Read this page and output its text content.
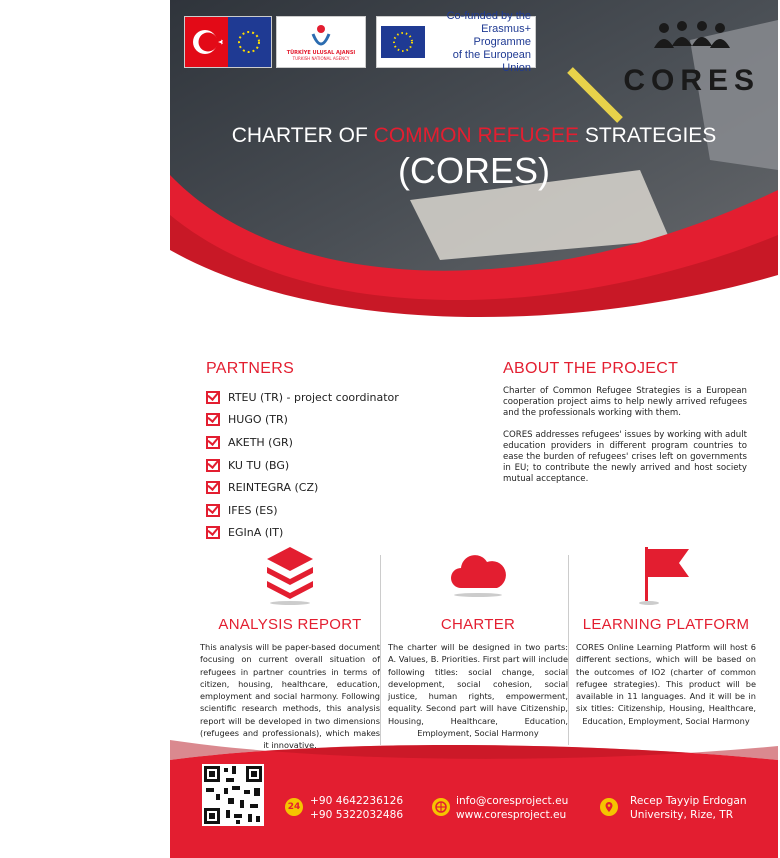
TÜRKİYE ULUSAL AJANSI
TURKISH NATIONAL AGENCY
Co-funded by the
Erasmus+ Programme
of the European Union	CORES
CHARTER OF COMMON REFUGEE STRATEGIES
(CORES)
PARTNERS
RTEU (TR) - project coordinator
HUGO (TR)
AKETH (GR)
KU TU (BG)
REINTEGRA (CZ)
IFES (ES)
EGInA (IT)
ABOUT THE PROJECT

Charter of Common Refugee Strategies is a European cooperation project aims to help newly arrived refugees and the professionals working with them.

CORES addresses refugees' issues by working with adult education providers in different program countries to ease the burden of refugees' crises left on governments in EU; to contribute the newly arrived and host society mutual acceptance.

ANALYSIS REPORT

This analysis will be paper-based document focusing on current overall situation of refugees in partner countries in terms of citizen, housing, healthcare, education, employment and social harmony. Following scientific research methods, this analysis report will be developed in two dimensions (refugees and professionals), which makes it innovative.

CHARTER

The charter will be designed in two parts: A. Values, B. Priorities. First part will include following titles: social change, social development, social cohesion, social justice, human rights, empowerment, equality. Second part will have Citizenship, Housing, Healthcare, Education, Employment, Social Harmony

LEARNING PLATFORM

CORES Online Learning Platform will host 6 different sections, which will be based on the outcomes of IO2 (charter of common refugee strategies). This product will be available in 11 languages. And it will be in six titles: Citizenship, Housing, Healthcare, Education, Employment, Social Harmony

24 +90 4642236126
+90 5322032486
info@coresproject.eu
www.coresproject.eu
Recep Tayyip Erdogan
University, Rize, TR
